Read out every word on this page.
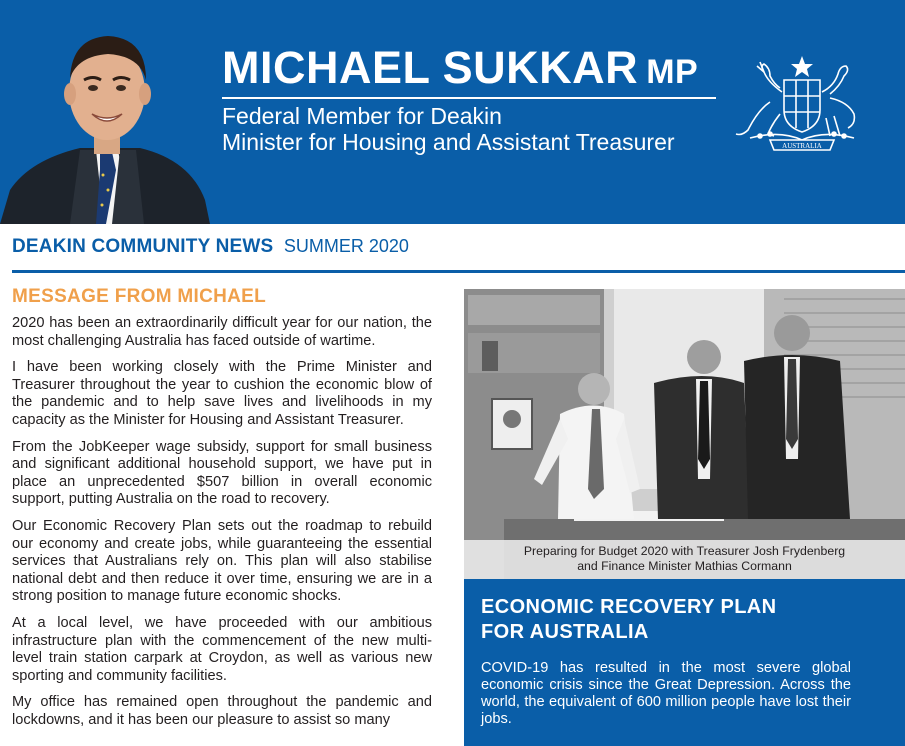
MICHAEL SUKKAR MP
Federal Member for Deakin
Minister for Housing and Assistant Treasurer	AUSTRALIA
DEAKIN COMMUNITY NEWS SUMMER 2020
MESSAGE FROM MICHAEL

2020 has been an extraordinarily difficult year for our nation, the most challenging Australia has faced outside of wartime.

I have been working closely with the Prime Minister and Treasurer throughout the year to cushion the economic blow of the pandemic and to help save lives and livelihoods in my capacity as the Minister for Housing and Assistant Treasurer.

From the JobKeeper wage subsidy, support for small business and significant additional household support, we have put in place an unprecedented $507 billion in overall economic support, putting Australia on the road to recovery.

Our Economic Recovery Plan sets out the roadmap to rebuild our economy and create jobs, while guaranteeing the essential services that Australians rely on. This plan will also stabilise national debt and then reduce it over time, ensuring we are in a strong position to manage future economic shocks.

At a local level, we have proceeded with our ambitious infrastructure plan with the commencement of the new multi-level train station carpark at Croydon, as well as various new sporting and community facilities.

My office has remained open throughout the pandemic and lockdowns, and it has been our pleasure to assist so many

Preparing for Budget 2020 with Treasurer Josh Frydenberg
and Finance Minister Mathias Cormann
ECONOMIC RECOVERY PLAN
FOR AUSTRALIA

COVID-19 has resulted in the most severe global economic crisis since the Great Depression. Across the world, the equivalent of 600 million people have lost their jobs.
